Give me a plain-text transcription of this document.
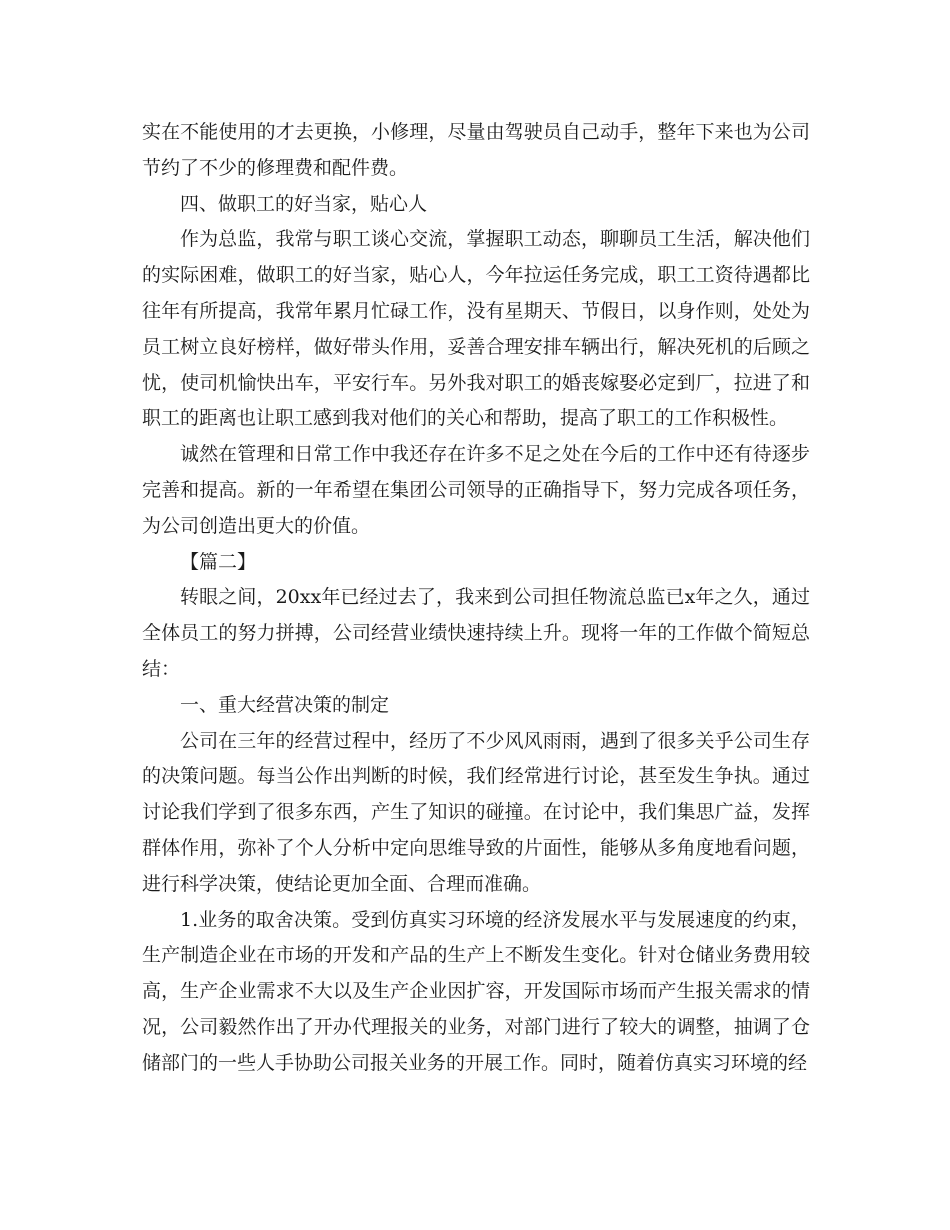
实在不能使用的才去更换，小修理，尽量由驾驶员自己动手，整年下来也为公司节约了不少的修理费和配件费。

四、做职工的好当家，贴心人

作为总监，我常与职工谈心交流，掌握职工动态，聊聊员工生活，解决他们的实际困难，做职工的好当家，贴心人，今年拉运任务完成，职工工资待遇都比往年有所提高，我常年累月忙碌工作，没有星期天、节假日，以身作则，处处为员工树立良好榜样，做好带头作用，妥善合理安排车辆出行，解决死机的后顾之忧，使司机愉快出车，平安行车。另外我对职工的婚丧嫁娶必定到厂，拉进了和职工的距离也让职工感到我对他们的关心和帮助，提高了职工的工作积极性。

诚然在管理和日常工作中我还存在许多不足之处在今后的工作中还有待逐步完善和提高。新的一年希望在集团公司领导的正确指导下，努力完成各项任务，为公司创造出更大的价值。

【篇二】

转眼之间，20xx年已经过去了，我来到公司担任物流总监已x年之久，通过全体员工的努力拼搏，公司经营业绩快速持续上升。现将一年的工作做个简短总结：

一、重大经营决策的制定

公司在三年的经营过程中，经历了不少风风雨雨，遇到了很多关乎公司生存的决策问题。每当公作出判断的时候，我们经常进行讨论，甚至发生争执。通过讨论我们学到了很多东西，产生了知识的碰撞。在讨论中，我们集思广益，发挥群体作用，弥补了个人分析中定向思维导致的片面性，能够从多角度地看问题，进行科学决策，使结论更加全面、合理而准确。

1.业务的取舍决策。受到仿真实习环境的经济发展水平与发展速度的约束，生产制造企业在市场的开发和产品的生产上不断发生变化。针对仓储业务费用较高，生产企业需求不大以及生产企业因扩容，开发国际市场而产生报关需求的情况，公司毅然作出了开办代理报关的业务，对部门进行了较大的调整，抽调了仓储部门的一些人手协助公司报关业务的开展工作。同时，随着仿真实习环境的经
